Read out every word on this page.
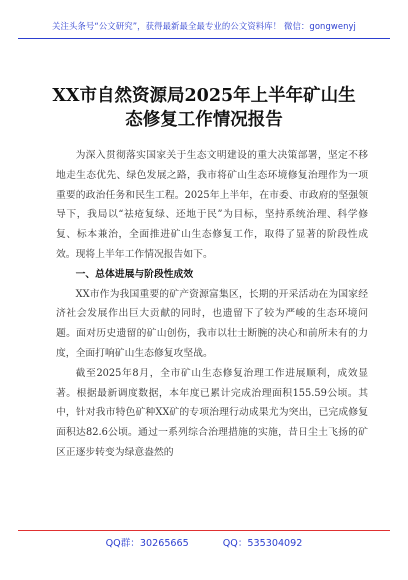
关注头条号“公文研究”，获得最新最全最专业的公文资料库！ 微信：gongwenyj
XX市自然资源局2025年上半年矿山生
态修复工作情况报告

为深入贯彻落实国家关于生态文明建设的重大决策部署，坚定不移地走生态优先、绿色发展之路，我市将矿山生态环境修复治理作为一项重要的政治任务和民生工程。2025年上半年，在市委、市政府的坚强领导下，我局以“祛疮复绿、还地于民”为目标，坚持系统治理、科学修复、标本兼治，全面推进矿山生态修复工作，取得了显著的阶段性成效。现将上半年工作情况报告如下。

一、总体进展与阶段性成效

XX市作为我国重要的矿产资源富集区，长期的开采活动在为国家经济社会发展作出巨大贡献的同时，也遗留下了较为严峻的生态环境问题。面对历史遗留的矿山创伤，我市以壮士断腕的决心和前所未有的力度，全面打响矿山生态修复攻坚战。

截至2025年8月，全市矿山生态修复治理工作进展顺利，成效显著。根据最新调度数据，本年度已累计完成治理面积155.59公顷。其中，针对我市特色矿种XX矿的专项治理行动成果尤为突出，已完成修复面积达82.6公顷。通过一系列综合治理措施的实施，昔日尘土飞扬的矿区正逐步转变为绿意盎然的

QQ群：30265665	QQ：535304092
